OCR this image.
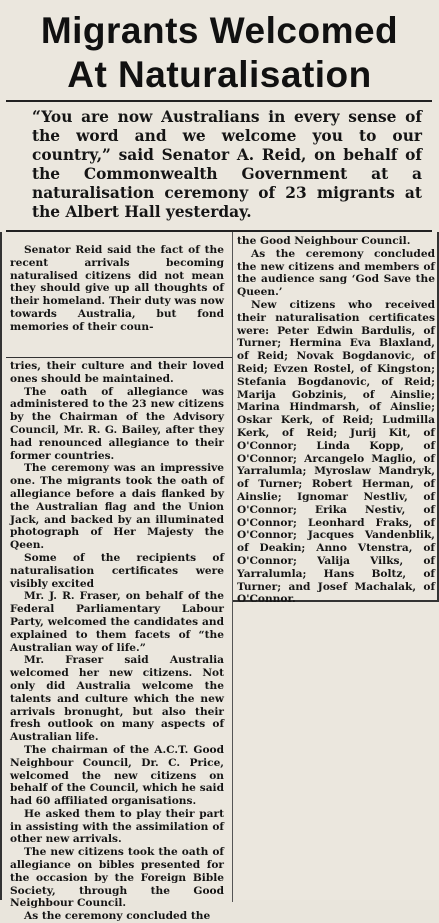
Migrants Welcomed
At Naturalisation
“You are now Australians in every sense of the word and we welcome you to our country,” said Senator A. Reid, on behalf of the Commonwealth Government at a naturalisation ceremony of 23 migrants at the Albert Hall yesterday.

Senator Reid said the fact of the recent arrivals becoming naturalised citizens did not mean they should give up all thoughts of their homeland. Their duty was now towards Australia, but fond memories of their coun-

tries, their culture and their loved ones should be maintained.

The oath of allegiance was administered to the 23 new citizens by the Chairman of the Advisory Council, Mr. R. G. Bailey, after they had renounced allegiance to their former countries.

The ceremony was an impressive one. The migrants took the oath of allegiance before a dais flanked by the Australian flag and the Union Jack, and backed by an illuminated photograph of Her Majesty the Qeen.

Some of the recipients of naturalisation certificates were visibly excited

Mr. J. R. Fraser, on behalf of the Federal Parliamentary Labour Party, welcomed the candidates and explained to them facets of “the Australian way of life.”

Mr. Fraser said Australia welcomed her new citizens. Not only did Australia welcome the talents and culture which the new arrivals bronught, but also their fresh outlook on many aspects of Australian life.

The chairman of the A.C.T. Good Neighbour Council, Dr. C. Price, welcomed the new citizens on behalf of the Council, which he said had 60 affiliated organisations.

He asked them to play their part in assisting with the assimilation of other new arrivals.

The new citizens took the oath of allegiance on bibles presented for the occasion by the Foreign Bible Society, through the Good Neighbour Council.

As the ceremony concluded the

the Good Neighbour Council.

As the ceremony concluded the new citizens and members of the audience sang ‘God Save the Queen.’

New citizens who received their naturalisation certificates were: Peter Edwin Bardulis, of Turner; Hermina Eva Blaxland, of Reid; Novak Bogdanovic, of Reid; Evzen Rostel, of Kingston; Stefania Bogdanovic, of Reid; Marija Gobzinis, of Ainslie; Marina Hindmarsh, of Ainslie; Oskar Kerk, of Reid; Ludmilla Kerk, of Reid; Jurij Kit, of O'Connor; Linda Kopp, of O'Connor; Arcangelo Maglio, of Yarralumla; Myroslaw Mandryk, of Turner; Robert Herman, of Ainslie; Ignomar Nestliv, of O'Connor; Erika Nestiv, of O'Connor; Leonhard Fraks, of O'Connor; Jacques Vandenblik, of Deakin; Anno Vtenstra, of O'Connor; Valija Vilks, of Yarralumla; Hans Boltz, of Turner; and Josef Machalak, of O'Connor.
